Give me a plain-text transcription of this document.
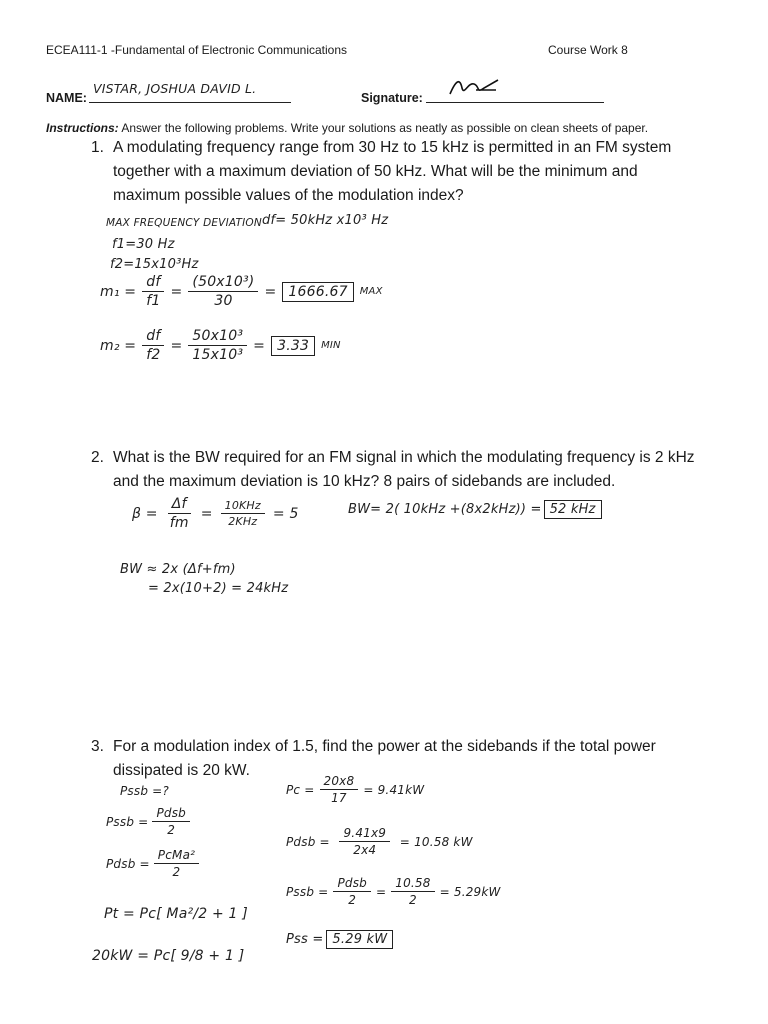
ECEA111-1 -Fundamental of Electronic Communications	Course Work 8
NAME:
VISTAR, JOSHUA DAVID L.
Signature:
Instructions: Answer the following problems. Write your solutions as neatly as possible on clean sheets of paper.
1. A modulating frequency range from 30 Hz to 15 kHz is permitted in an FM system
together with a maximum deviation of 50 kHz. What will be the minimum and
maximum possible values of the modulation index?
MAX FREQUENCY DEVIATION df= 50kHz x10³ Hz
f1=30 Hz
f2=15x10³Hz
$m_1 = \frac{df}{f1} = \frac{\text{(50x10³)}}{30} = 1666.67$	MAX
$m_2 = \frac{df}{f2} = \frac{\text{50x10³}}{\text{15x10³}} = 3.33$	MIN
2. What is the BW required for an FM signal in which the modulating frequency is 2 kHz
and the maximum deviation is 10 kHz? 8 pairs of sidebands are included.
$\beta = \frac{\Delta f}{fm} = \frac{\text{10KHz}}{\text{2KHz}} = 5$	BW= 2( 10kHz +(8x2kHz)) = 52 kHz
BW ≈ 2x (Δf+fm)
= 2x(10+2) = 24kHz
3. For a modulation index of 1.5, find the power at the sidebands if the total power
dissipated is 20 kW.
Pssb =?
Pssb = $\frac{\text{Pdsb}}{2}$
Pdsb = $\frac{\text{PcMa²}}{2}$
Pt = Pc[ Ma²/2 + 1 ]
20kW = Pc[ 9/8 + 1 ]
$Pc = \frac{20x8}{17} = 9.41kW$
Pdsb = $\frac{9.41x9}{2x4} = 10.58$ kW
Pssb = $\frac{\text{Pdsb}}{2} = \frac{10.58}{2} = 5.29kW$
Pss = 5.29 kW
